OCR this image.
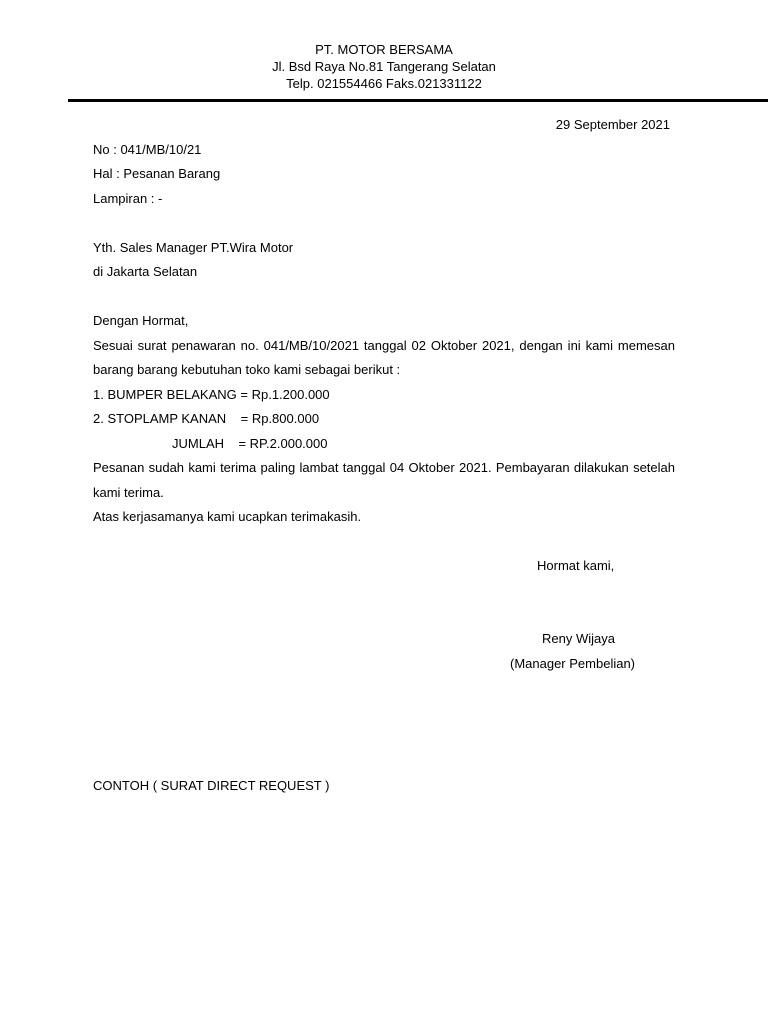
PT. MOTOR BERSAMA
Jl. Bsd Raya No.81 Tangerang Selatan
Telp. 021554466 Faks.021331122
29 September 2021
No : 041/MB/10/21
Hal : Pesanan Barang
Lampiran : -
Yth. Sales Manager PT.Wira Motor
di Jakarta Selatan
Dengan Hormat,
Sesuai surat penawaran no. 041/MB/10/2021 tanggal 02 Oktober 2021, dengan ini kami memesan
barang barang kebutuhan toko kami sebagai berikut :
1. BUMPER BELAKANG = Rp.1.200.000
2. STOPLAMP KANAN    = Rp.800.000
JUMLAH    = RP.2.000.000
Pesanan sudah kami terima paling lambat tanggal 04 Oktober 2021. Pembayaran dilakukan setelah
kami terima.
Atas kerjasamanya kami ucapkan terimakasih.
Hormat kami,
Reny Wijaya
(Manager Pembelian)
CONTOH ( SURAT DIRECT REQUEST )
